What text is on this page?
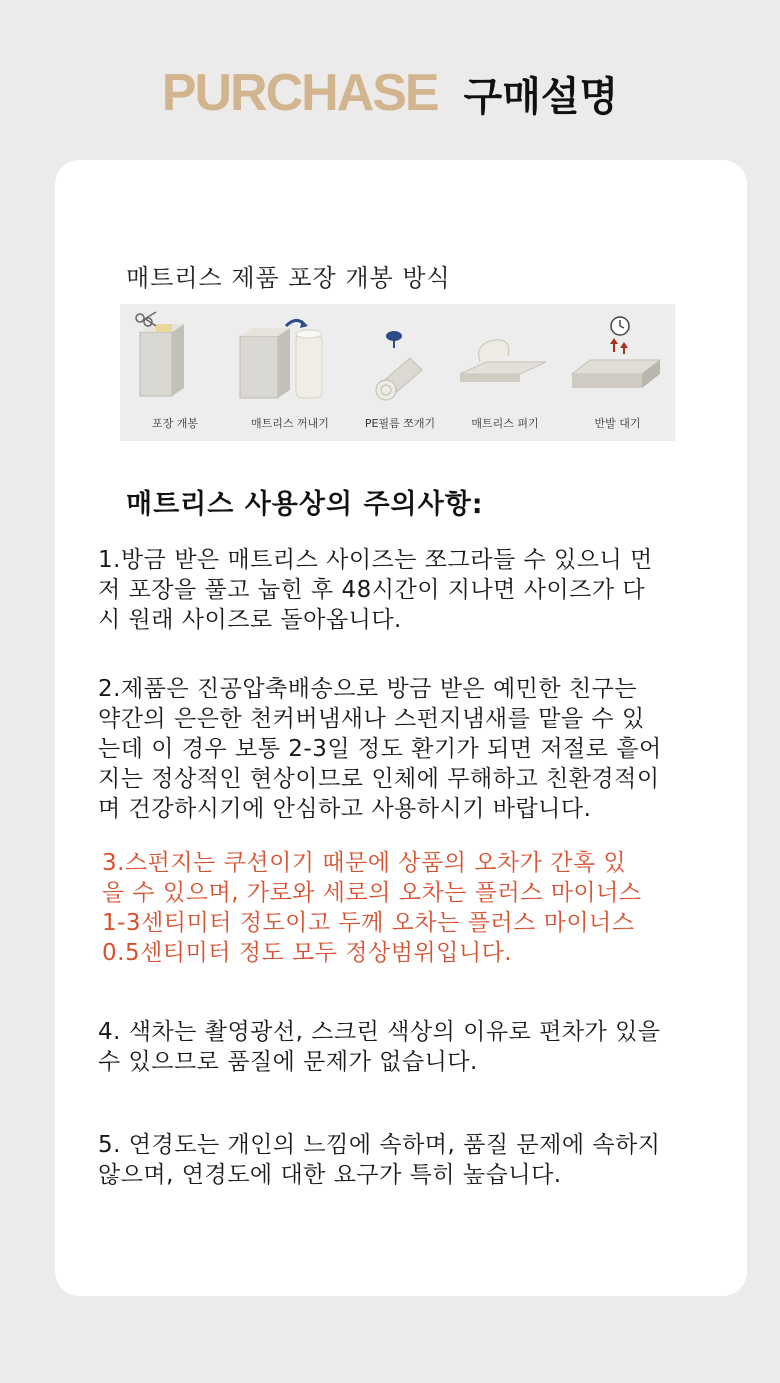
PURCHASE 구매설명
매트리스 제품 포장 개봉 방식
포장 개봉	매트리스 꺼내기	PE필름 쪼개기	매트리스 펴기	반발 대기
매트리스 사용상의 주의사항:
1.방금 받은 매트리스 사이즈는 쪼그라들 수 있으니 먼
저 포장을 풀고 눕힌 후 48시간이 지나면 사이즈가 다
시 원래 사이즈로 돌아옵니다.
2.제품은 진공압축배송으로 방금 받은 예민한 친구는
약간의 은은한 천커버냄새나 스펀지냄새를 맡을 수 있
는데 이 경우 보통 2-3일 정도 환기가 되면 저절로 흩어
지는 정상적인 현상이므로 인체에 무해하고 친환경적이
며 건강하시기에 안심하고 사용하시기 바랍니다.
3.스펀지는 쿠션이기 때문에 상품의 오차가 간혹 있
을 수 있으며, 가로와 세로의 오차는 플러스 마이너스
1-3센티미터 정도이고 두께 오차는 플러스 마이너스
0.5센티미터 정도 모두 정상범위입니다.
4. 색차는 촬영광선, 스크린 색상의 이유로 편차가 있을
수 있으므로 품질에 문제가 없습니다.
5. 연경도는 개인의 느낌에 속하며, 품질 문제에 속하지
않으며, 연경도에 대한 요구가 특히 높습니다.
